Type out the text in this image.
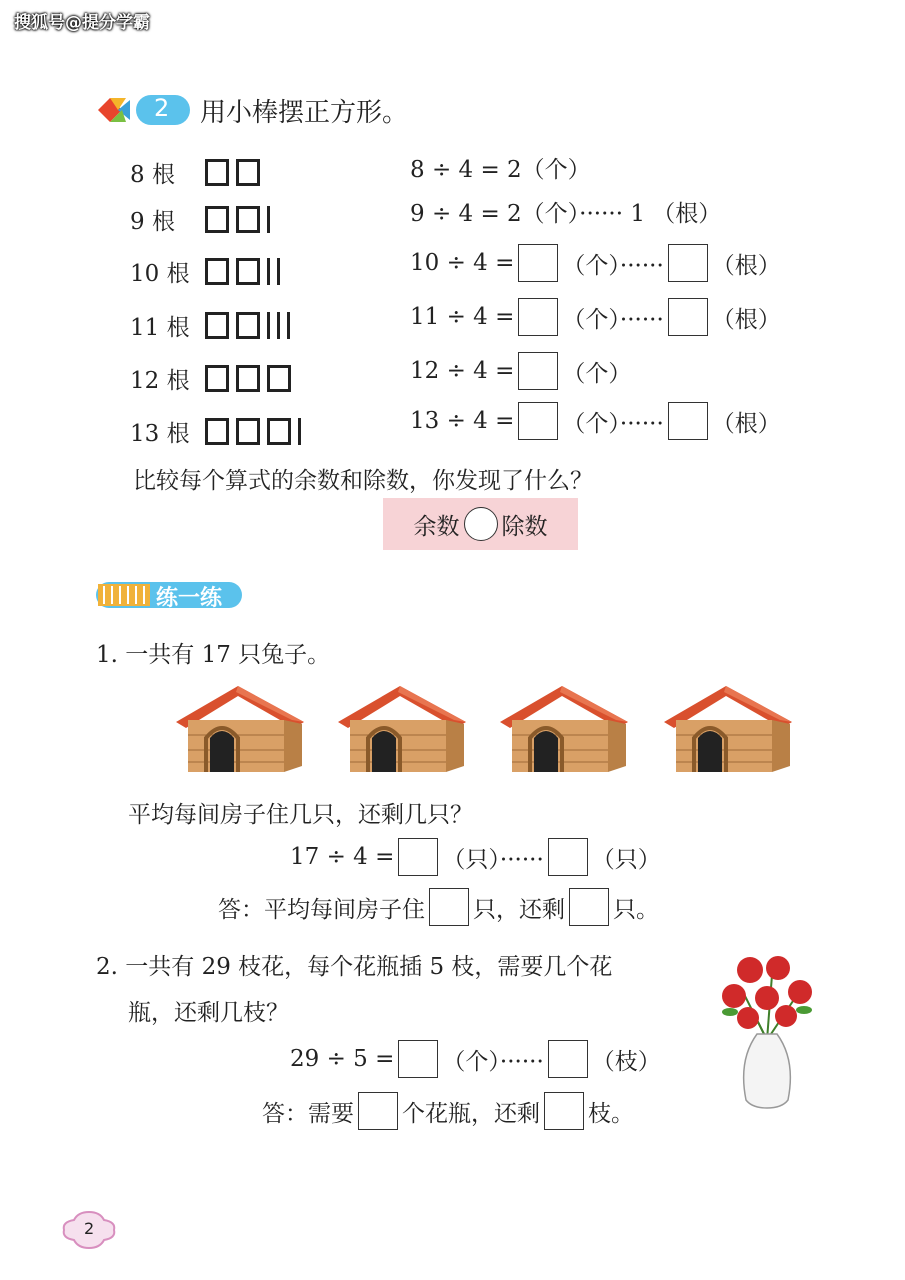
搜狐号@提分学霸
2 用小棒摆正方形。
8 根
9 根
10 根
11 根
12 根
13 根
8 ÷ 4 = 2（个）
9 ÷ 4 = 2（个）······ 1 （根）
10 ÷ 4 = （个）······ （根）
11 ÷ 4 = （个）······ （根）
12 ÷ 4 = （个）
13 ÷ 4 = （个）······ （根）
比较每个算式的余数和除数，你发现了什么？
余数 除数
练一练
1. 一共有 17 只兔子。
平均每间房子住几只，还剩几只？
17 ÷ 4 = （只）······ （只）
答：平均每间房子住 只，还剩 只。
2. 一共有 29 枝花，每个花瓶插 5 枝，需要几个花
瓶，还剩几枝？
29 ÷ 5 = （个）······ （枝）
答：需要 个花瓶，还剩 枝。
2
